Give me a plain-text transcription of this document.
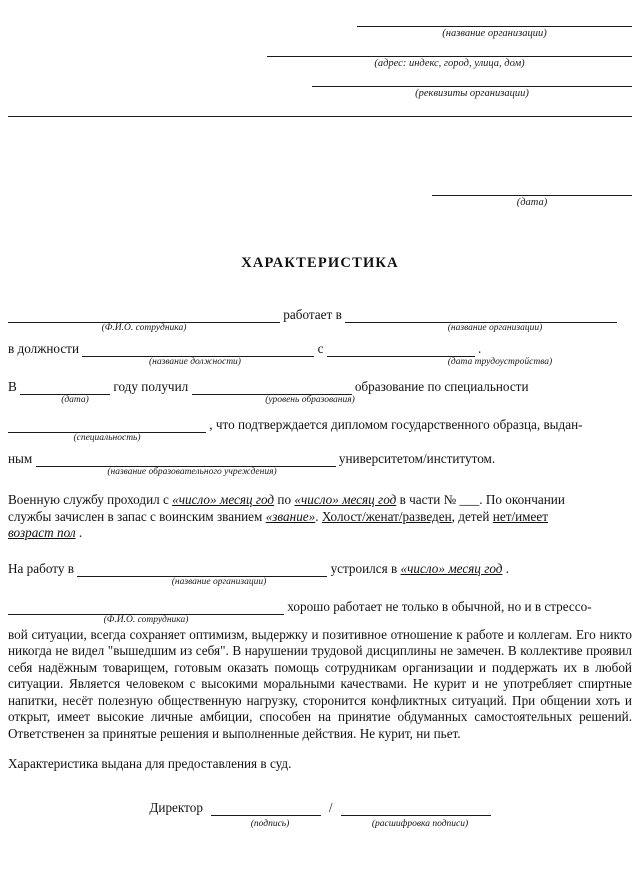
(название организации)
(адрес: индекс, город, улица, дом)
(реквизиты организации)
(дата)
ХАРАКТЕРИСТИКА
работает в
(Ф.И.О. сотрудника)	(название организации)
в должности	с	.
(название должности)	(дата трудоустройства)
В	году получил	образование по специальности
(дата)	(уровень образования)
, что подтверждается дипломом государственного образца, выдан-
(специальность)
ным	университетом/институтом.
(название образовательного учреждения)
Военную службу проходил с «число» месяц год по «число» месяц год в части № ___. По окончании
службы зачислен в запас с воинским званием «звание». Холост/женат/разведен, детей нет/имеет
возраст пол .
На работу в	устроился в «число» месяц год .
(название организации)
хорошо работает не только в обычной, но и в стрессо-
(Ф.И.О. сотрудника)
вой ситуации, всегда сохраняет оптимизм, выдержку и позитивное отношение к работе и коллегам. Его никто никогда не видел "вышедшим из себя". В нарушении трудовой дисциплины не замечен. В коллективе проявил себя надёжным товарищем, готовым оказать помощь сотрудникам организации и поддержать их в любой ситуации. Является человеком с высокими моральными качествами. Не курит и не употребляет спиртные напитки, несёт полезную общественную нагрузку, сторонится конфликтных ситуаций. При общении хоть и открыт, имеет высокие личные амбиции, способен на принятие обдуманных самостоятельных решений. Ответственен за принятые решения и выполненные действия. Не курит, ни пьет.
Характеристика выдана для предоставления в суд.
Директор	/
(подпись)	(расшифровка подписи)
